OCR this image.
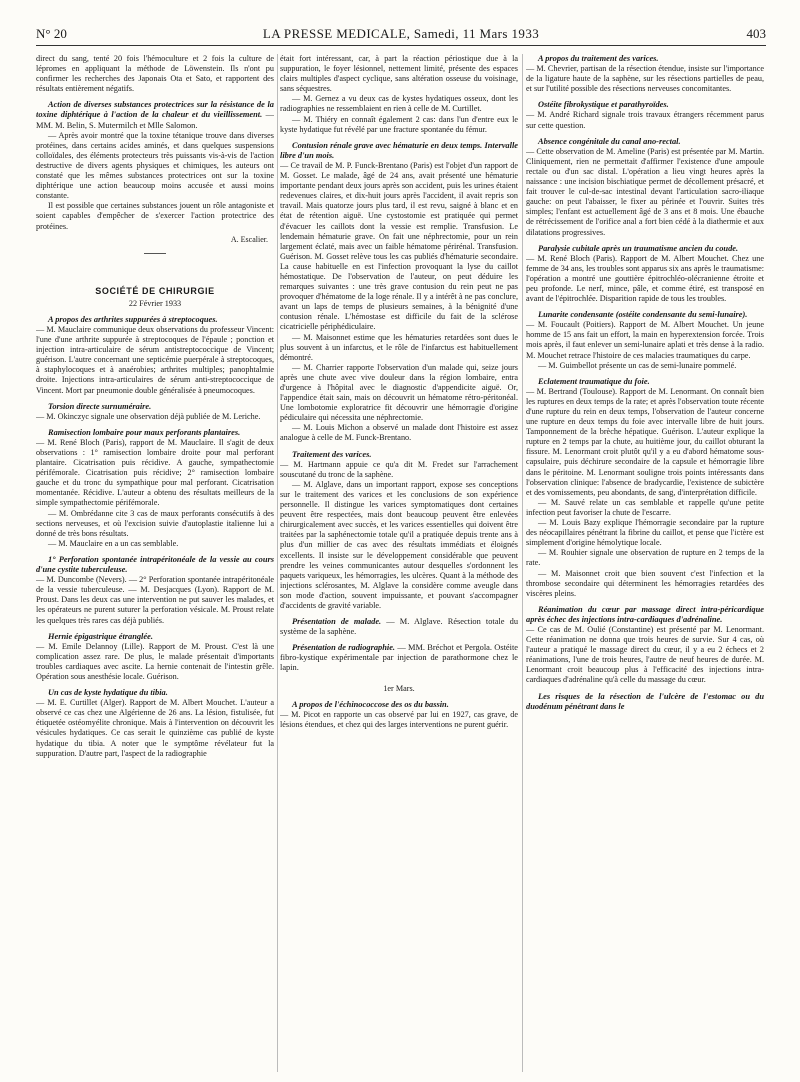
N° 20	LA PRESSE MEDICALE, Samedi, 11 Mars 1933	403

direct du sang, tenté 20 fois l'hémoculture et 2 fois la culture de lépromes en appliquant la méthode de Löwenstein. Ils n'ont pu confirmer les recherches des Japonais Ota et Sato, et rapportent des résultats entièrement négatifs.

Action de diverses substances protectrices sur la résistance de la toxine diphtérique à l'action de la chaleur et du vieillissement. — MM. M. Belin, S. Mutermilch et Mlle Salomon.

— Après avoir montré que la toxine tétanique trouve dans diverses protéines, dans certains acides aminés, et dans quelques suspensions colloïdales, des éléments protecteurs très puissants vis-à-vis de l'action destructive de divers agents physiques et chimiques, les auteurs ont constaté que les mêmes substances protectrices ont sur la toxine diphtérique une action beaucoup moins accusée et aussi moins constante.

Il est possible que certaines substances jouent un rôle antagoniste et soient capables d'empêcher de s'exercer l'action protectrice des protéines.

A. Escalier.

SOCIÉTÉ DE CHIRURGIE

22 Février 1933

A propos des arthrites suppurées à streptocoques.

— M. Mauclaire communique deux observations du professeur Vincent: l'une d'une arthrite suppurée à streptocoques de l'épaule ; ponction et injection intra-articulaire de sérum antistreptococcique de Vincent; guérison. L'autre concernant une septicémie puerpérale à streptocoques, à staphylocoques et à anaérobies; arthrites multiples; panophtalmie droite. Injections intra-articulaires de sérum anti-streptococcique de Vincent. Mort par pneumonie double généralisée à pneumocoques.

Torsion directe surnuméraire.

— M. Okinczyc signale une observation déjà publiée de M. Leriche.

Ramisection lombaire pour maux perforants plantaires.

— M. René Bloch (Paris), rapport de M. Mauclaire. Il s'agit de deux observations : 1° ramisection lombaire droite pour mal perforant plantaire. Cicatrisation puis récidive. A gauche, sympathectomie périfémorale. Cicatrisation puis récidive; 2° ramisection lombaire gauche et du tronc du sympathique pour mal perforant. Cicatrisation momentanée. Récidive. L'auteur a obtenu des résultats meilleurs de la simple sympathectomie périfémorale.

— M. Ombrédanne cite 3 cas de maux perforants consécutifs à des sections nerveuses, et où l'excision suivie d'autoplastie italienne lui a donné de très bons résultats.

— M. Mauclaire en a un cas semblable.

1° Perforation spontanée intrapéritonéale de la vessie au cours d'une cystite tuberculeuse.

— M. Duncombe (Nevers). — 2° Perforation spontanée intrapéritonéale de la vessie tuberculeuse. — M. Desjacques (Lyon). Rapport de M. Proust. Dans les deux cas une intervention ne put sauver les malades, et les opérateurs ne purent suturer la perforation vésicale. M. Proust relate les quelques très rares cas déjà publiés.

Hernie épigastrique étranglée.

— M. Emile Delannoy (Lille). Rapport de M. Proust. C'est là une complication assez rare. De plus, le malade présentait d'importants troubles cardiaques avec ascite. La hernie contenait de l'intestin grêle. Opération sous anesthésie locale. Guérison.

Un cas de kyste hydatique du tibia.

— M. E. Curtillet (Alger). Rapport de M. Albert Mouchet. L'auteur a observé ce cas chez une Algérienne de 26 ans. La lésion, fistulisée, fut étiquetée ostéomyélite chronique. Mais à l'intervention on découvrit les vésicules hydatiques. Ce cas serait le quinzième cas publié de kyste hydatique du tibia. A noter que le symptôme révélateur fut la suppuration. D'autre part, l'aspect de la radiographie

était fort intéressant, car, à part la réaction périostique due à la suppuration, le foyer lésionnel, nettement limité, présente des espaces clairs multiples d'aspect cyclique, sans altération osseuse du voisinage, sans séquestres.

— M. Gernez a vu deux cas de kystes hydatiques osseux, dont les radiographies ne ressemblaient en rien à celle de M. Curtillet.

— M. Thiéry en connaît également 2 cas: dans l'un d'entre eux le kyste hydatique fut révélé par une fracture spontanée du fémur.

Contusion rénale grave avec hématurie en deux temps. Intervalle libre d'un mois.

— Ce travail de M. P. Funck-Brentano (Paris) est l'objet d'un rapport de M. Gosset. Le malade, âgé de 24 ans, avait présenté une hématurie importante pendant deux jours après son accident, puis les urines étaient redevenues claires, et dix-huit jours après l'accident, il avait repris son travail. Mais quatorze jours plus tard, il est revu, saigné à blanc et en état de rétention aiguë. Une cystostomie est pratiquée qui permet d'évacuer les caillots dont la vessie est remplie. Transfusion. Le lendemain hématurie grave. On fait une néphrectomie, pour un rein largement éclaté, mais avec un faible hématome périrénal. Transfusion. Guérison. M. Gosset relève tous les cas publiés d'hématurie secondaire. La cause habituelle en est l'infection provoquant la lyse du caillot hémostatique. De l'observation de l'auteur, on peut déduire les remarques suivantes : une très grave contusion du rein peut ne pas provoquer d'hématome de la loge rénale. Il y a intérêt à ne pas conclure, avant un laps de temps de plusieurs semaines, à la bénignité d'une contusion rénale. L'hémostase est difficile du fait de la sclérose cicatricielle périphédiculaire.

— M. Maisonnet estime que les hématuries retardées sont dues le plus souvent à un infarctus, et le rôle de l'infarctus est habituellement démontré.

— M. Charrier rapporte l'observation d'un malade qui, seize jours après une chute avec vive douleur dans la région lombaire, entra d'urgence à l'hôpital avec le diagnostic d'appendicite aiguë. Or, l'appendice était sain, mais on découvrit un hématome rétro-péritonéal. Une lombotomie exploratrice fit découvrir une hémorragie d'origine pédiculaire qui nécessita une néphrectomie.

— M. Louis Michon a observé un malade dont l'histoire est assez analogue à celle de M. Funck-Brentano.

Traitement des varices.

— M. Hartmann appuie ce qu'a dit M. Fredet sur l'arrachement souscutané du tronc de la saphène.

— M. Alglave, dans un important rapport, expose ses conceptions sur le traitement des varices et les conclusions de son expérience personnelle. Il distingue les varices symptomatiques dont certaines peuvent être respectées, mais dont beaucoup peuvent être enlevées chirurgicalement avec succès, et les varices essentielles qui doivent être traitées par la saphénectomie totale qu'il a pratiquée depuis trente ans à plus d'un millier de cas avec des résultats immédiats et éloignés excellents. Il insiste sur le développement considérable que peuvent prendre les veines communicantes autour desquelles s'ordonnent les paquets variqueux, les hémorragies, les ulcères. Quant à la méthode des injections sclérosantes, M. Alglave la considère comme aveugle dans son mode d'action, souvent impuissante, et pouvant s'accompagner d'accidents de gravité variable.

Présentation de malade. — M. Alglave. Résection totale du système de la saphène.
Présentation de radiographie. — MM. Bréchot et Pergola. Ostéite fibro-kystique expérimentale par injection de parathormone chez le lapin.

1er Mars.

A propos de l'échinococcose des os du bassin.

— M. Picot en rapporte un cas observé par lui en 1927, cas grave, de lésions étendues, et chez qui des larges interventions ne purent guérir.

A propos du traitement des varices.

— M. Chevrier, partisan de la résection étendue, insiste sur l'importance de la ligature haute de la saphène, sur les résections partielles de peau, et sur l'utilité possible des résections nerveuses concomitantes.

Ostéite fibrokystique et parathyroïdes.

— M. André Richard signale trois travaux étrangers récemment parus sur cette question.

Absence congénitale du canal ano-rectal.

— Cette observation de M. Ameline (Paris) est présentée par M. Martin. Cliniquement, rien ne permettait d'affirmer l'existence d'une ampoule rectale ou d'un sac distal. L'opération a lieu vingt heures après la naissance : une incision bischiatique permet de décollement présacré, et fait trouver le cul-de-sac intestinal devant l'articulation sacro-iliaque gauche: on peut l'abaisser, le fixer au périnée et l'ouvrir. Suites très simples; l'enfant est actuellement âgé de 3 ans et 8 mois. Une ébauche de rétrécissement de l'orifice anal a fort bien cédé à la diathermie et aux dilatations progressives.

Paralysie cubitale après un traumatisme ancien du coude.

— M. René Bloch (Paris). Rapport de M. Albert Mouchet. Chez une femme de 34 ans, les troubles sont apparus six ans après le traumatisme: l'opération a montré une gouttière épitrochléo-olécranienne étroite et peu profonde. Le nerf, mince, pâle, et comme étiré, est transposé en avant de l'épitrochlée. Disparition rapide de tous les troubles.

Lunarite condensante (ostéite condensante du semi-lunaire).

— M. Foucault (Poitiers). Rapport de M. Albert Mouchet. Un jeune homme de 15 ans fait un effort, la main en hyperextension forcée. Trois mois après, il faut enlever un semi-lunaire aplati et très dense à la radio. M. Mouchet retrace l'histoire de ces malacies traumatiques du carpe.

— M. Guimbellot présente un cas de semi-lunaire pommelé.

Eclatement traumatique du foie.

— M. Bertrand (Toulouse). Rapport de M. Lenormant. On connaît bien les ruptures en deux temps de la rate; et après l'observation toute récente d'une rupture du rein en deux temps, l'observation de l'auteur concerne une rupture en deux temps du foie avec intervalle libre de huit jours. Tamponnement de la brèche hépatique. Guérison. L'auteur explique la rupture en 2 temps par la chute, au huitième jour, du caillot obturant la fissure. M. Lenormant croit plutôt qu'il y a eu d'abord hématome sous-capsulaire, puis déchirure secondaire de la capsule et hémorragie libre dans le péritoine. M. Lenormant souligne trois points intéressants dans l'observation clinique: l'absence de bradycardie, l'existence de subictère et des vomissements, peu abondants, de sang, d'interprétation difficile.

— M. Sauvé relate un cas semblable et rappelle qu'une petite infection peut favoriser la chute de l'escarre.

— M. Louis Bazy explique l'hémorragie secondaire par la rupture des néocapillaires pénétrant la fibrine du caillot, et pense que l'ictère est simplement d'origine hémolytique locale.

— M. Rouhier signale une observation de rupture en 2 temps de la rate.

— M. Maisonnet croit que bien souvent c'est l'infection et la thrombose secondaire qui déterminent les hémorragies retardées des viscères pleins.

Réanimation du cœur par massage direct intra-péricardique après échec des injections intra-cardiaques d'adrénaline.

— Ce cas de M. Oulié (Constantine) est présenté par M. Lenormant. Cette réanimation ne donna que trois heures de survie. Sur 4 cas, où l'auteur a pratiqué le massage direct du cœur, il y a eu 2 échecs et 2 réanimations, l'une de trois heures, l'autre de neuf heures de durée. M. Lenormant croit beaucoup plus à l'efficacité des injections intra-cardiaques d'adrénaline qu'à celle du massage du cœur.

Les risques de la résection de l'ulcère de l'estomac ou du duodénum pénétrant dans le
